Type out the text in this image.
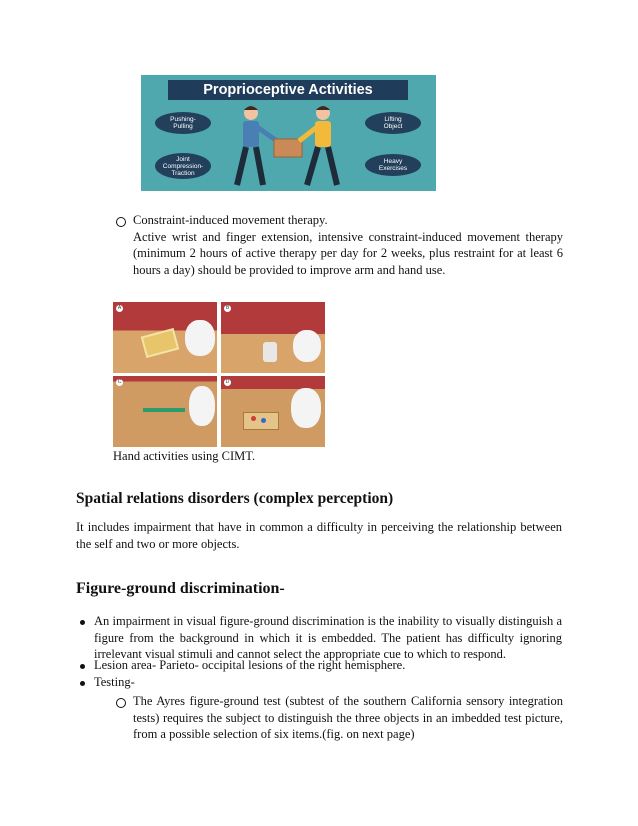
Proprioceptive Activities
Pushing-
Pulling
Joint
Compression-
Traction
Lifting
Object
Heavy
Exercises
Constraint-induced movement therapy.
Active wrist and finger extension, intensive constraint-induced movement therapy (minimum 2 hours of active therapy per day for 2 weeks, plus restraint for at least 6 hours a day) should be provided to improve arm and hand use.
A	B
C	D
Hand activities using CIMT.
Spatial relations disorders (complex perception)
It includes impairment that have in common a difficulty in perceiving the relationship between the self and two or more objects.
Figure-ground discrimination-
An impairment in visual figure-ground discrimination is the inability to visually distinguish a figure from the background in which it is embedded. The patient has difficulty ignoring irrelevant visual stimuli and cannot select the appropriate cue to which to respond.
Lesion area- Parieto- occipital lesions of the right hemisphere.
Testing-
The Ayres figure-ground test (subtest of the southern California sensory integration tests) requires the subject to distinguish the three objects in an imbedded test picture, from a possible selection of six items.(fig. on next page)
